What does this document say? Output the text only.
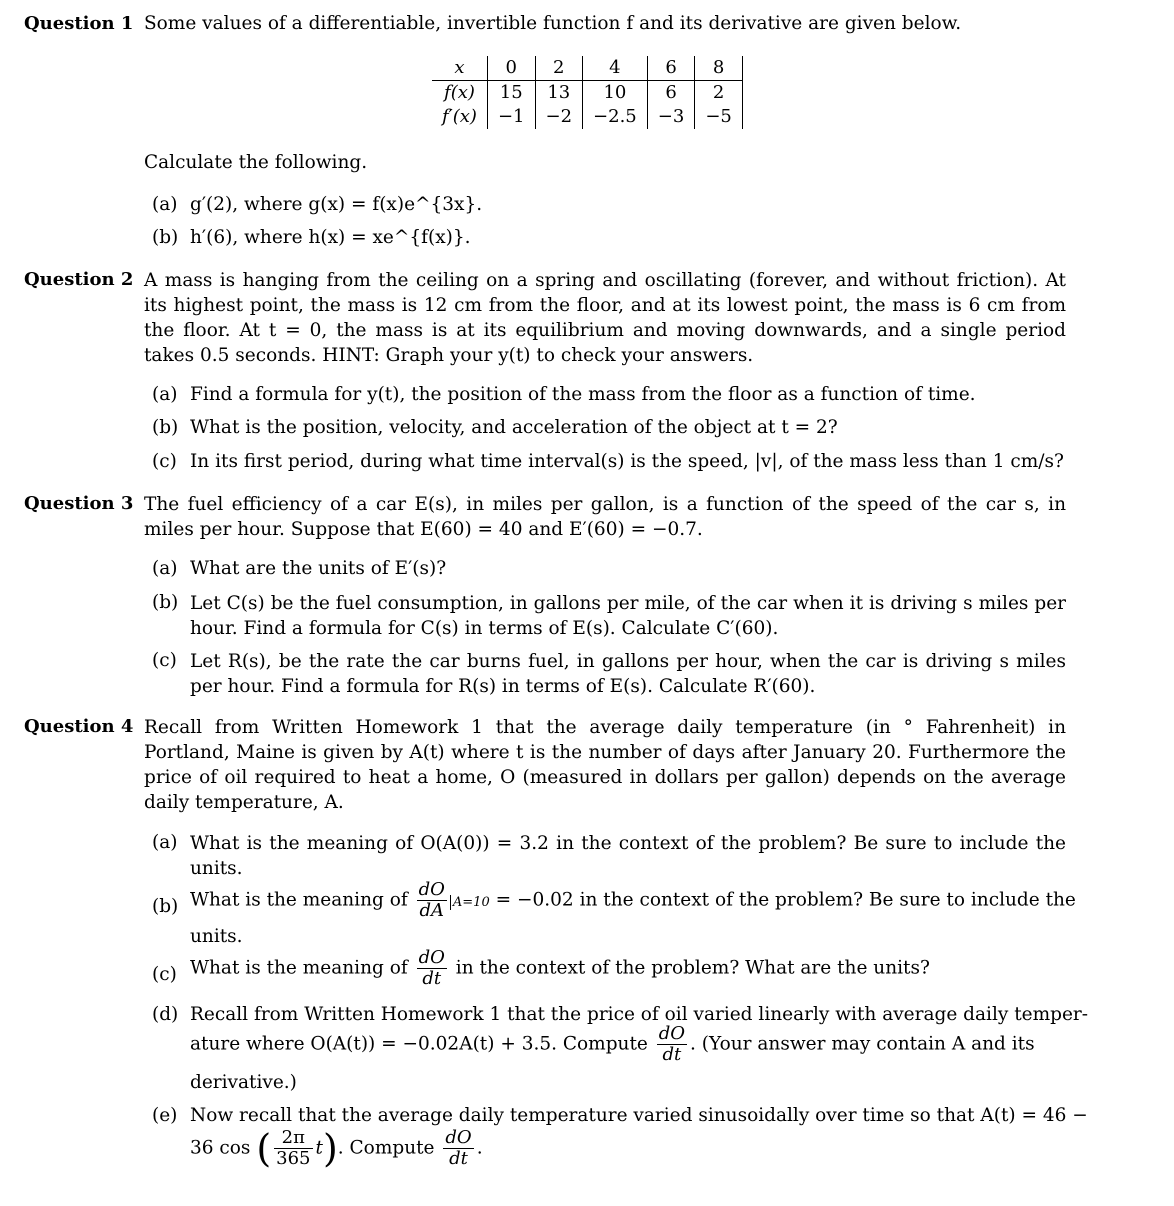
Question 1 Some values of a differentiable, invertible function f and its derivative are given below.
x	0	2	4	6	8
f(x)	15	13	10	6	2
f′(x)	−1	−2	−2.5	−3	−5
Calculate the following.
(a) g′(2), where g(x) = f(x)e^{3x}.
(b) h′(6), where h(x) = xe^{f(x)}.
Question 2 A mass is hanging from the ceiling on a spring and oscillating (forever, and without friction). At its highest point, the mass is 12 cm from the floor, and at its lowest point, the mass is 6 cm from the floor. At t = 0, the mass is at its equilibrium and moving downwards, and a single period takes 0.5 seconds. HINT: Graph your y(t) to check your answers.
(a) Find a formula for y(t), the position of the mass from the floor as a function of time.
(b) What is the position, velocity, and acceleration of the object at t = 2?
(c) In its first period, during what time interval(s) is the speed, |v|, of the mass less than 1 cm/s?
Question 3 The fuel efficiency of a car E(s), in miles per gallon, is a function of the speed of the car s, in miles per hour. Suppose that E(60) = 40 and E′(60) = −0.7.
(a) What are the units of E′(s)?
(b) Let C(s) be the fuel consumption, in gallons per mile, of the car when it is driving s miles per hour. Find a formula for C(s) in terms of E(s). Calculate C′(60).
(c) Let R(s), be the rate the car burns fuel, in gallons per hour, when the car is driving s miles per hour. Find a formula for R(s) in terms of E(s). Calculate R′(60).
Question 4 Recall from Written Homework 1 that the average daily temperature (in ° Fahrenheit) in Portland, Maine is given by A(t) where t is the number of days after January 20. Furthermore the price of oil required to heat a home, O (measured in dollars per gallon) depends on the average daily temperature, A.
(a) What is the meaning of O(A(0)) = 3.2 in the context of the problem? Be sure to include the units.
(b) What is the meaning of $\frac{dO}{dA} A=10 = -0.02$ in the context of the problem? Be sure to include the
units.
(c) What is the meaning of $\frac{dO}{dt}$ in the context of the problem? What are the units?
(d) Recall from Written Homework 1 that the price of oil varied linearly with average daily temper-
ature where O(A(t)) = −0.02A(t) + 3.5. Compute $\frac{dO}{dt}$ . (Your answer may contain A and its
derivative.)
(e) Now recall that the average daily temperature varied sinusoidally over time so that A(t) = 46 −
36 cos ( $\frac{2\pi}{365} t$). Compute $\frac{dO}{dt}$ .
